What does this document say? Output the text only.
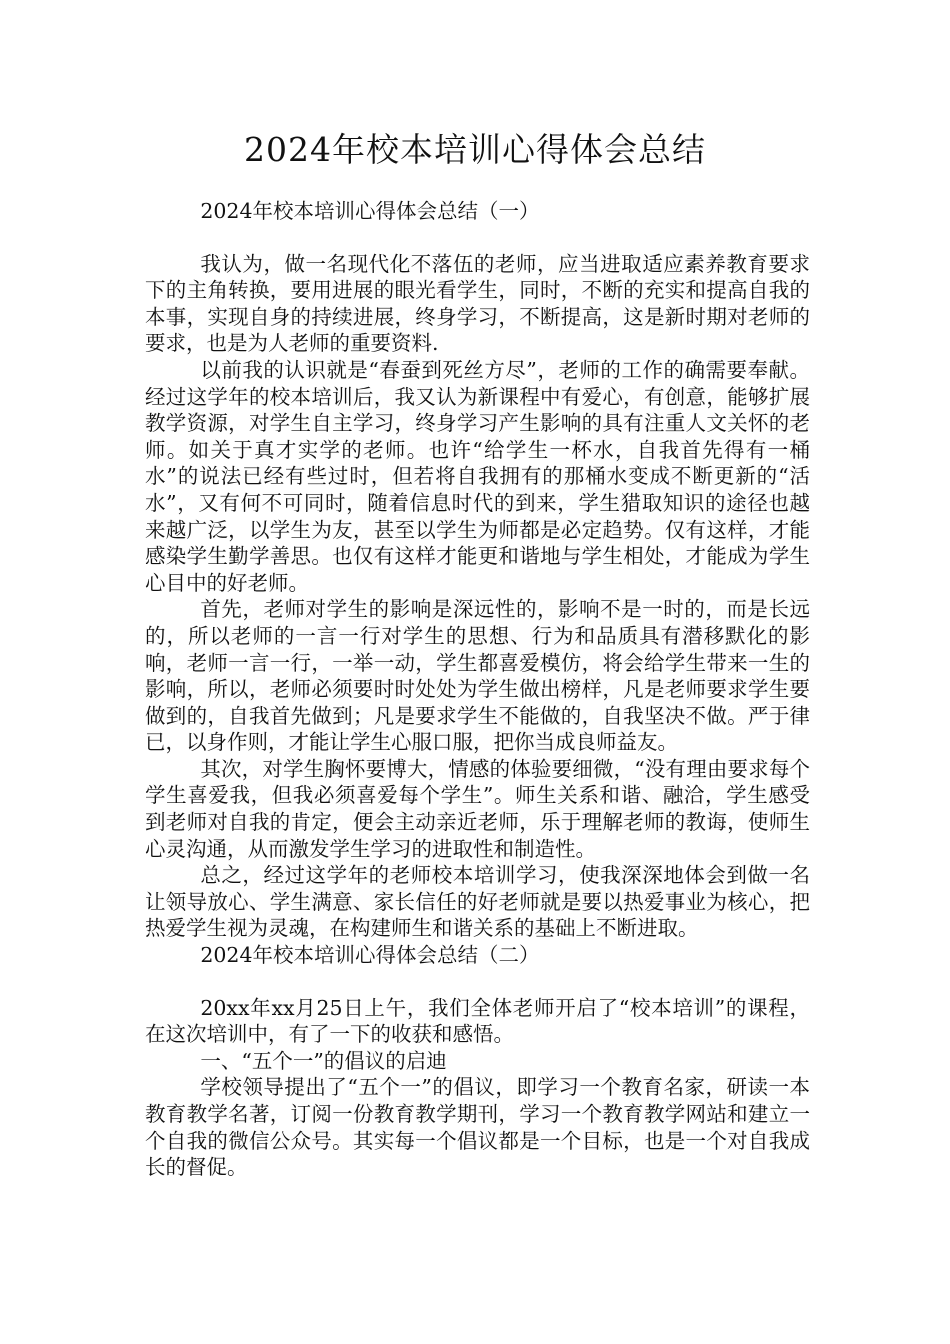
2024年校本培训心得体会总结

2024年校本培训心得体会总结（一）

我认为，做一名现代化不落伍的老师，应当进取适应素养教育要求下的主角转换，要用进展的眼光看学生，同时，不断的充实和提高自我的本事，实现自身的持续进展，终身学习，不断提高，这是新时期对老师的要求，也是为人老师的重要资料.

以前我的认识就是“春蚕到死丝方尽”，老师的工作的确需要奉献。经过这学年的校本培训后，我又认为新课程中有爱心，有创意，能够扩展教学资源，对学生自主学习，终身学习产生影响的具有注重人文关怀的老师。如关于真才实学的老师。也许“给学生一杯水，自我首先得有一桶水”的说法已经有些过时，但若将自我拥有的那桶水变成不断更新的“活水”，又有何不可同时，随着信息时代的到来，学生猎取知识的途径也越来越广泛，以学生为友，甚至以学生为师都是必定趋势。仅有这样，才能感染学生勤学善思。也仅有这样才能更和谐地与学生相处，才能成为学生心目中的好老师。

首先，老师对学生的影响是深远性的，影响不是一时的，而是长远的，所以老师的一言一行对学生的思想、行为和品质具有潜移默化的影响，老师一言一行，一举一动，学生都喜爱模仿，将会给学生带来一生的影响，所以，老师必须要时时处处为学生做出榜样，凡是老师要求学生要做到的，自我首先做到；凡是要求学生不能做的，自我坚决不做。严于律已，以身作则，才能让学生心服口服，把你当成良师益友。

其次，对学生胸怀要博大，情感的体验要细微，“没有理由要求每个学生喜爱我，但我必须喜爱每个学生”。师生关系和谐、融洽，学生感受到老师对自我的肯定，便会主动亲近老师，乐于理解老师的教诲，使师生心灵沟通，从而激发学生学习的进取性和制造性。

总之，经过这学年的老师校本培训学习，使我深深地体会到做一名让领导放心、学生满意、家长信任的好老师就是要以热爱事业为核心，把热爱学生视为灵魂，在构建师生和谐关系的基础上不断进取。

2024年校本培训心得体会总结（二）

20xx年xx月25日上午，我们全体老师开启了“校本培训”的课程，在这次培训中，有了一下的收获和感悟。

一、“五个一”的倡议的启迪

学校领导提出了“五个一”的倡议，即学习一个教育名家，研读一本教育教学名著，订阅一份教育教学期刊，学习一个教育教学网站和建立一个自我的微信公众号。其实每一个倡议都是一个目标，也是一个对自我成长的督促。
